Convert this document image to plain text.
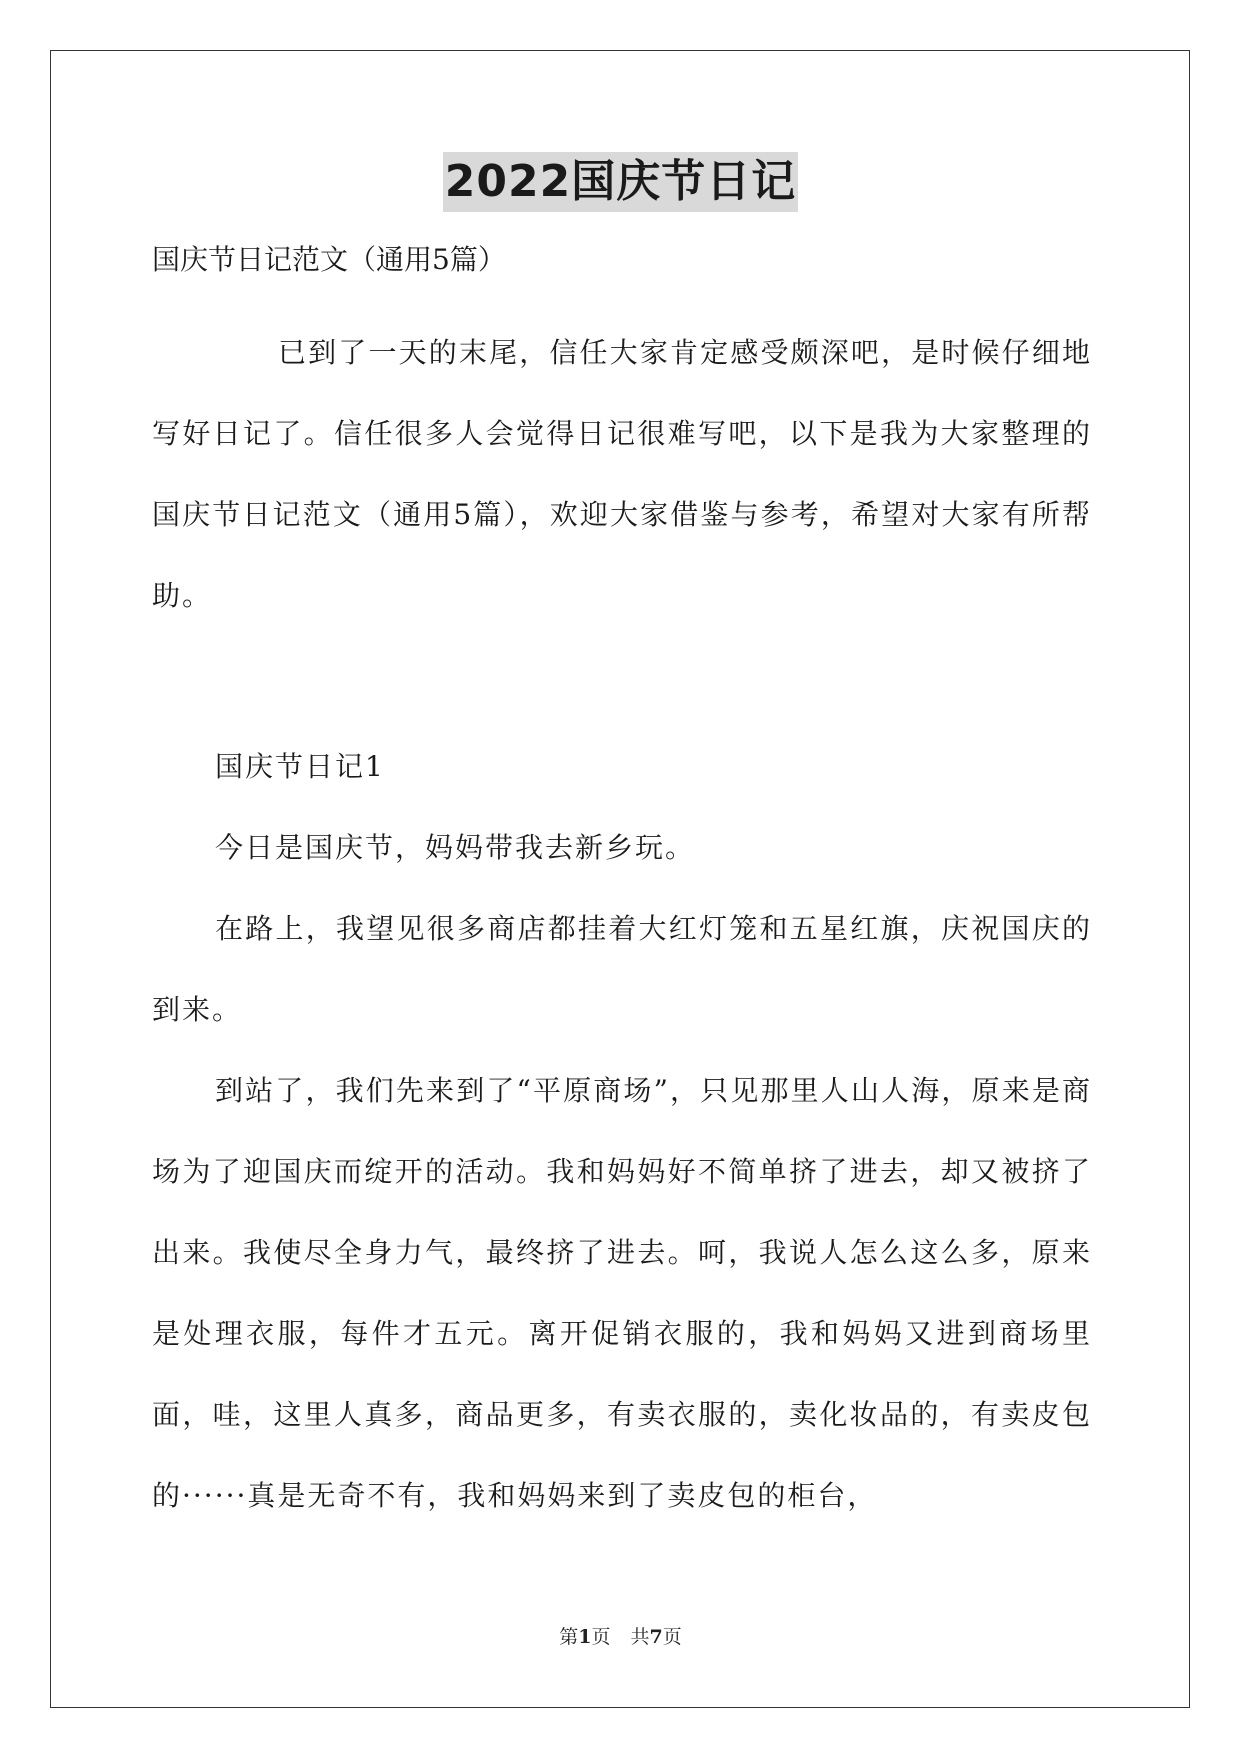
2022国庆节日记

国庆节日记范文（通用5篇）

已到了一天的末尾，信任大家肯定感受颇深吧，是时候仔细地写好日记了。信任很多人会觉得日记很难写吧，以下是我为大家整理的国庆节日记范文（通用5篇），欢迎大家借鉴与参考，希望对大家有所帮助。

国庆节日记1

今日是国庆节，妈妈带我去新乡玩。

在路上，我望见很多商店都挂着大红灯笼和五星红旗，庆祝国庆的到来。

到站了，我们先来到了“平原商场”，只见那里人山人海，原来是商场为了迎国庆而绽开的活动。我和妈妈好不简单挤了进去，却又被挤了出来。我使尽全身力气，最终挤了进去。呵，我说人怎么这么多，原来是处理衣服，每件才五元。离开促销衣服的，我和妈妈又进到商场里面，哇，这里人真多，商品更多，有卖衣服的，卖化妆品的，有卖皮包的······真是无奇不有，我和妈妈来到了卖皮包的柜台，

第1页 共7页
